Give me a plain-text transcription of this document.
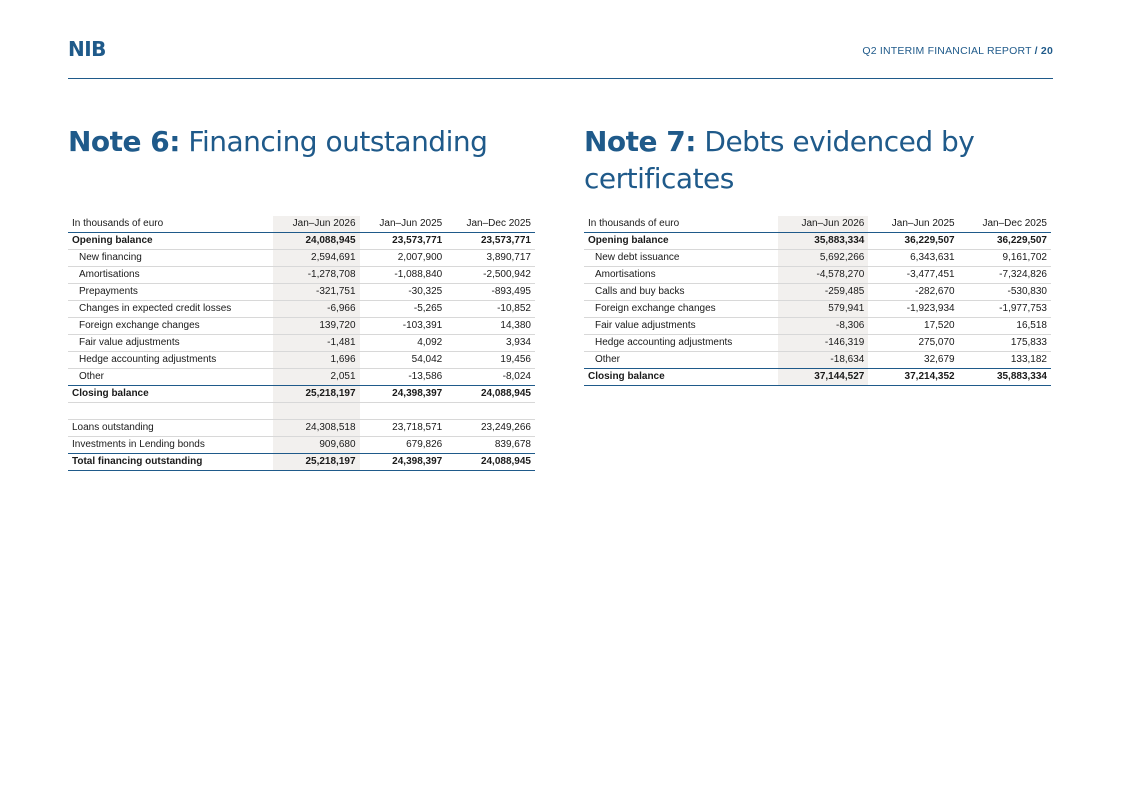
NIB	Q2 INTERIM FINANCIAL REPORT / 20
Note 6: Financing outstanding
In thousands of euro	Jan–Jun 2026	Jan–Jun 2025	Jan–Dec 2025
Opening balance	24,088,945	23,573,771	23,573,771
New financing	2,594,691	2,007,900	3,890,717
Amortisations	-1,278,708	-1,088,840	-2,500,942
Prepayments	-321,751	-30,325	-893,495
Changes in expected credit losses	-6,966	-5,265	-10,852
Foreign exchange changes	139,720	-103,391	14,380
Fair value adjustments	-1,481	4,092	3,934
Hedge accounting adjustments	1,696	54,042	19,456
Other	2,051	-13,586	-8,024
Closing balance	25,218,197	24,398,397	24,088,945

Loans outstanding	24,308,518	23,718,571	23,249,266
Investments in Lending bonds	909,680	679,826	839,678
Total financing outstanding	25,218,197	24,398,397	24,088,945
Note 7: Debts evidenced by certificates
In thousands of euro	Jan–Jun 2026	Jan–Jun 2025	Jan–Dec 2025
Opening balance	35,883,334	36,229,507	36,229,507
New debt issuance	5,692,266	6,343,631	9,161,702
Amortisations	-4,578,270	-3,477,451	-7,324,826
Calls and buy backs	-259,485	-282,670	-530,830
Foreign exchange changes	579,941	-1,923,934	-1,977,753
Fair value adjustments	-8,306	17,520	16,518
Hedge accounting adjustments	-146,319	275,070	175,833
Other	-18,634	32,679	133,182
Closing balance	37,144,527	37,214,352	35,883,334
